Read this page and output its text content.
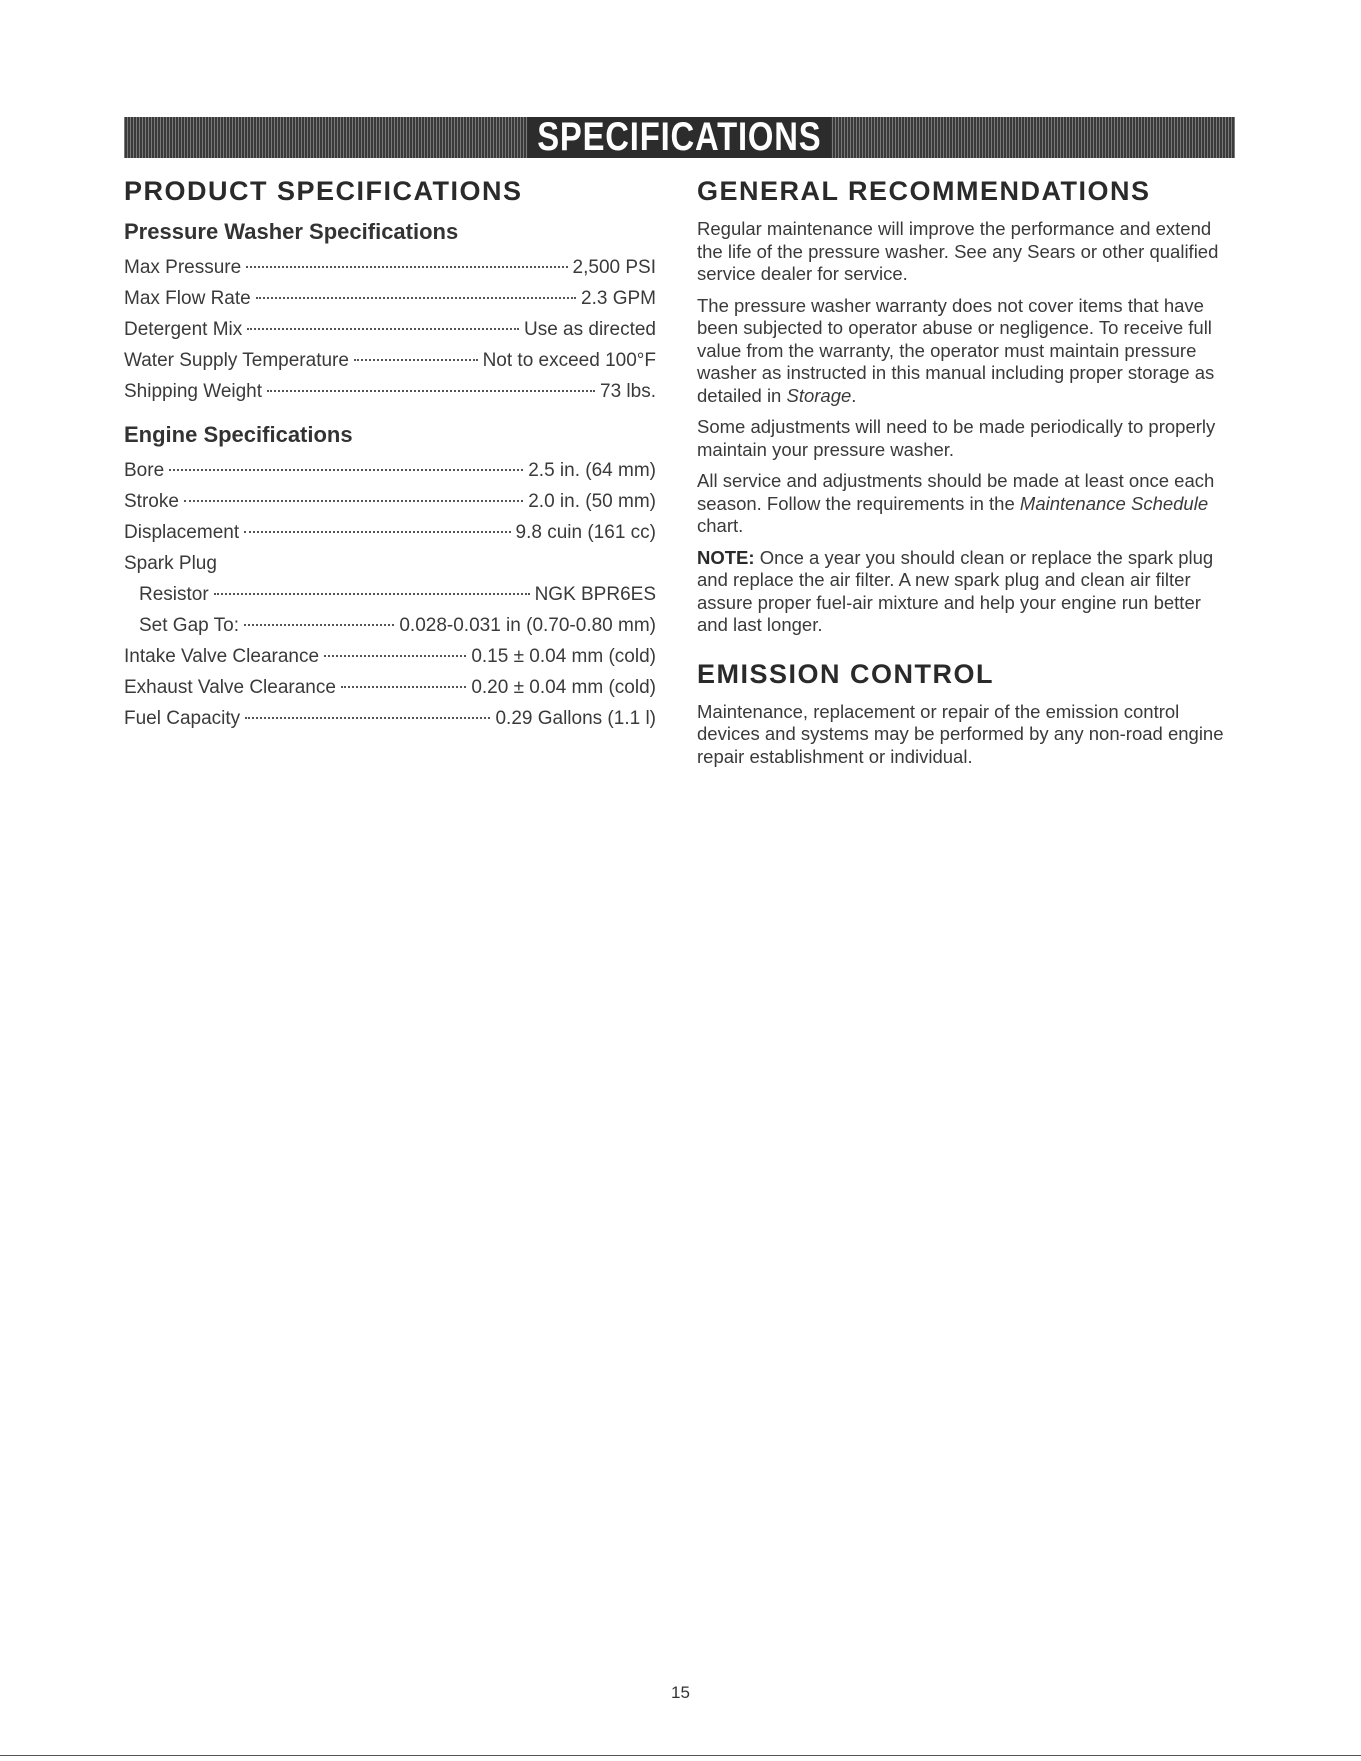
SPECIFICATIONS
PRODUCT SPECIFICATIONS
Pressure Washer Specifications
Max Pressure	2,500 PSI
Max Flow Rate	2.3 GPM
Detergent Mix	Use as directed
Water Supply Temperature	Not to exceed 100°F
Shipping Weight	73 lbs.
Engine Specifications
Bore	2.5 in. (64 mm)
Stroke	2.0 in. (50 mm)
Displacement	9.8 cuin (161 cc)
Spark Plug
Resistor	NGK BPR6ES
Set Gap To:	0.028-0.031 in (0.70-0.80 mm)
Intake Valve Clearance	0.15 ± 0.04 mm (cold)
Exhaust Valve Clearance	0.20 ± 0.04 mm (cold)
Fuel Capacity	0.29 Gallons (1.1 l)
GENERAL RECOMMENDATIONS

Regular maintenance will improve the performance and extend the life of the pressure washer. See any Sears or other qualified service dealer for service.

The pressure washer warranty does not cover items that have been subjected to operator abuse or negligence. To receive full value from the warranty, the operator must maintain pressure washer as instructed in this manual including proper storage as detailed in Storage.

Some adjustments will need to be made periodically to properly maintain your pressure washer.

All service and adjustments should be made at least once each season. Follow the requirements in the Maintenance Schedule chart.

NOTE: Once a year you should clean or replace the spark plug and replace the air filter. A new spark plug and clean air filter assure proper fuel-air mixture and help your engine run better and last longer.

EMISSION CONTROL

Maintenance, replacement or repair of the emission control devices and systems may be performed by any non-road engine repair establishment or individual.

15
